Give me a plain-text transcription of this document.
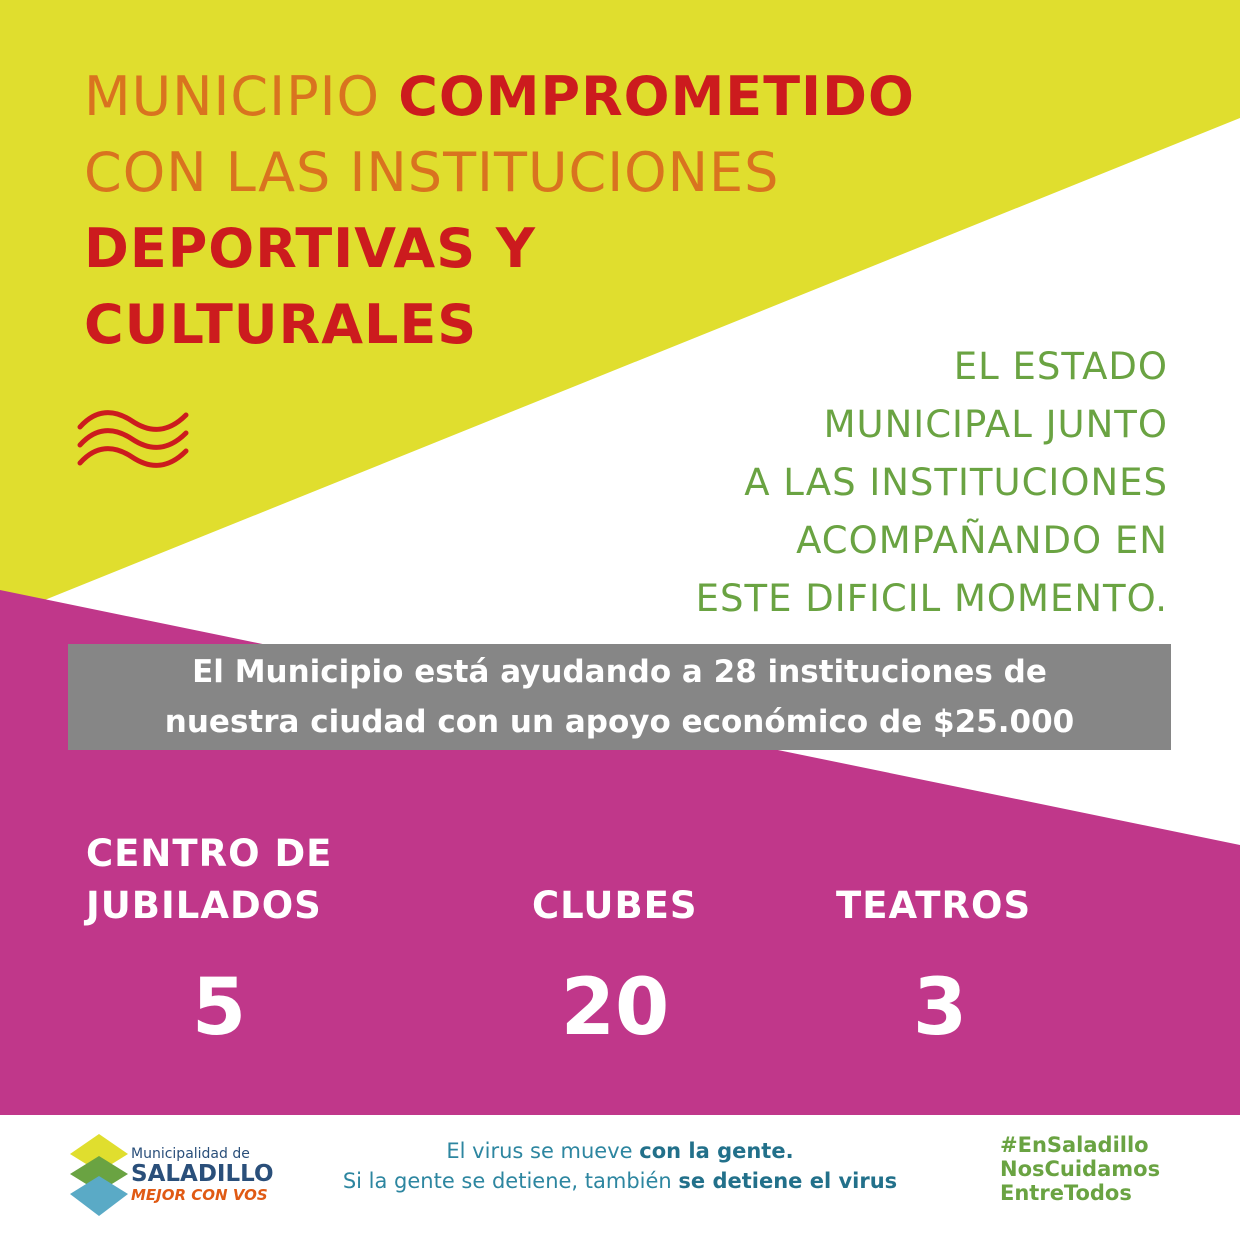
MUNICIPIO COMPROMETIDO
CON LAS INSTITUCIONES
DEPORTIVAS Y
CULTURALES
EL ESTADO
MUNICIPAL JUNTO
A LAS INSTITUCIONES
ACOMPAÑANDO EN
ESTE DIFICIL MOMENTO.
El Municipio está ayudando a 28 instituciones de
nuestra ciudad con un apoyo económico de $25.000
CENTRO DE
JUBILADOS	CLUBES	TEATROS
5	20	3
Municipalidad de
SALADILLO
MEJOR CON VOS
El virus se mueve con la gente.
Si la gente se detiene, también se detiene el virus
#EnSaladillo
NosCuidamos
EntreTodos
